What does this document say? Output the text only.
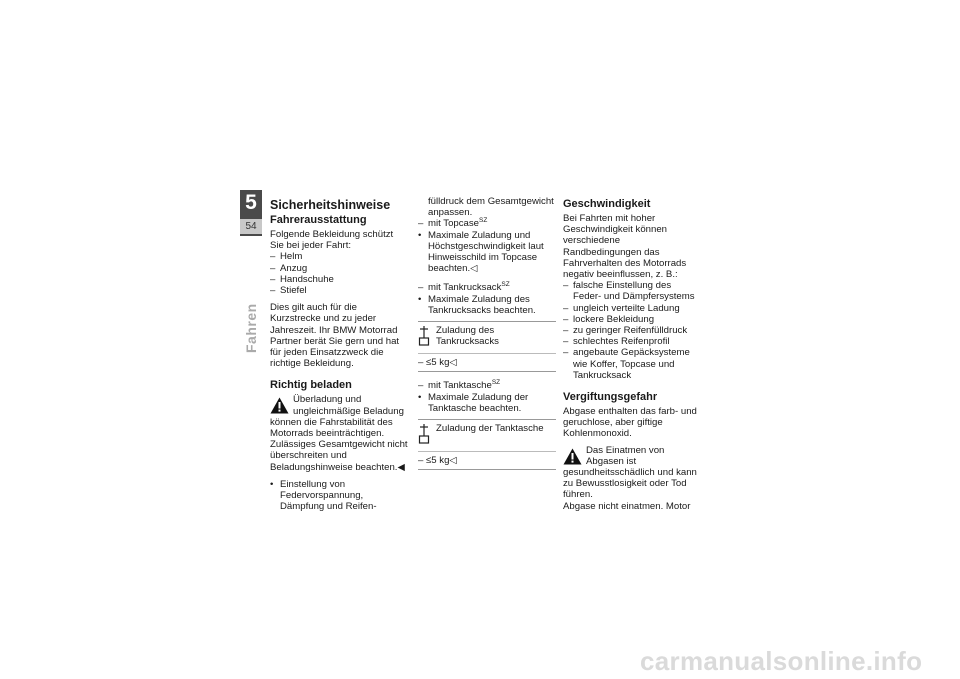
5
54
Fahren
Sicherheitshinweise
Fahrerausstattung

Folgende Bekleidung schützt Sie bei jeder Fahrt:

– Helm
– Anzug
– Handschuhe
– Stiefel

Dies gilt auch für die Kurzstrecke und zu jeder Jahreszeit. Ihr BMW Motorrad Partner berät Sie gern und hat für jeden Einsatzzweck die richtige Bekleidung.

Richtig beladen
Überladung und ungleichmäßige Beladung können die Fahrstabilität des Motorrads beeinträchtigen.

Zulässiges Gesamtgewicht nicht überschreiten und Beladungshinweise beachten.◀

• Einstellung von Federvorspannung, Dämpfung und Reifen-

fülldruck dem Gesamtgewicht anpassen.

– mit Topcase$^{SZ}$
• Maximale Zuladung und Höchstgeschwindigkeit laut Hinweisschild im Topcase beachten.◁
– mit Tankrucksack$^{SZ}$
• Maximale Zuladung des Tankrucksacks beachten.
Zuladung des Tankrucksacks
– ≤5 kg◁
– mit Tanktasche$^{SZ}$
• Maximale Zuladung der Tanktasche beachten.
Zuladung der Tanktasche
– ≤5 kg◁
Geschwindigkeit

Bei Fahrten mit hoher Geschwindigkeit können verschiedene Randbedingungen das Fahrverhalten des Motorrads negativ beeinflussen, z. B.:

– falsche Einstellung des Feder- und Dämpfersystems
– ungleich verteilte Ladung
– lockere Bekleidung
– zu geringer Reifenfülldruck
– schlechtes Reifenprofil
– angebaute Gepäcksysteme wie Koffer, Topcase und Tankrucksack
Vergiftungsgefahr

Abgase enthalten das farb- und geruchlose, aber giftige Kohlenmonoxid.

Das Einatmen von Abgasen ist gesundheitsschädlich und kann zu Bewusstlosigkeit oder Tod führen.

Abgase nicht einatmen. Motor

carmanualsonline.info
